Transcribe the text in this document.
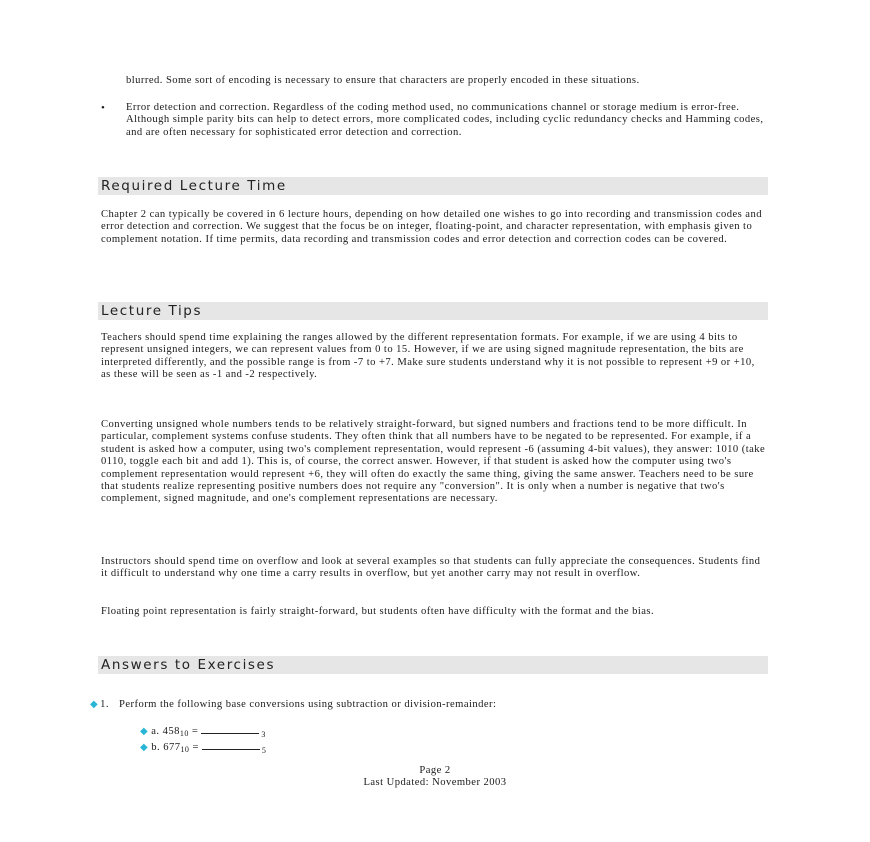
blurred. Some sort of encoding is necessary to ensure that characters are properly encoded in these situations.

• Error detection and correction. Regardless of the coding method used, no communications channel or storage medium is error-free. Although simple parity bits can help to detect errors, more complicated codes, including cyclic redundancy checks and Hamming codes, and are often necessary for sophisticated error detection and correction.

Required Lecture Time

Chapter 2 can typically be covered in 6 lecture hours, depending on how detailed one wishes to go into recording and transmission codes and error detection and correction. We suggest that the focus be on integer, floating-point, and character representation, with emphasis given to complement notation. If time permits, data recording and transmission codes and error detection and correction codes can be covered.

Lecture Tips

Teachers should spend time explaining the ranges allowed by the different representation formats. For example, if we are using 4 bits to represent unsigned integers, we can represent values from 0 to 15. However, if we are using signed magnitude representation, the bits are interpreted differently, and the possible range is from -7 to +7. Make sure students understand why it is not possible to represent +9 or +10, as these will be seen as -1 and -2 respectively.

Converting unsigned whole numbers tends to be relatively straight-forward, but signed numbers and fractions tend to be more difficult. In particular, complement systems confuse students. They often think that all numbers have to be negated to be represented. For example, if a student is asked how a computer, using two's complement representation, would represent -6 (assuming 4-bit values), they answer: 1010 (take 0110, toggle each bit and add 1). This is, of course, the correct answer. However, if that student is asked how the computer using two's complement representation would represent +6, they will often do exactly the same thing, giving the same answer. Teachers need to be sure that students realize representing positive numbers does not require any "conversion". It is only when a number is negative that two's complement, signed magnitude, and one's complement representations are necessary.

Instructors should spend time on overflow and look at several examples so that students can fully appreciate the consequences. Students find it difficult to understand why one time a carry results in overflow, but yet another carry may not result in overflow.

Floating point representation is fairly straight-forward, but students often have difficulty with the format and the bias.

Answers to Exercises
◆ 1. Perform the following base conversions using subtraction or division-remainder:
◆ a. $458_{10}$ =	$_3$
◆ b. $677_{10}$ =	$_5$
Page 2
Last Updated: November 2003
